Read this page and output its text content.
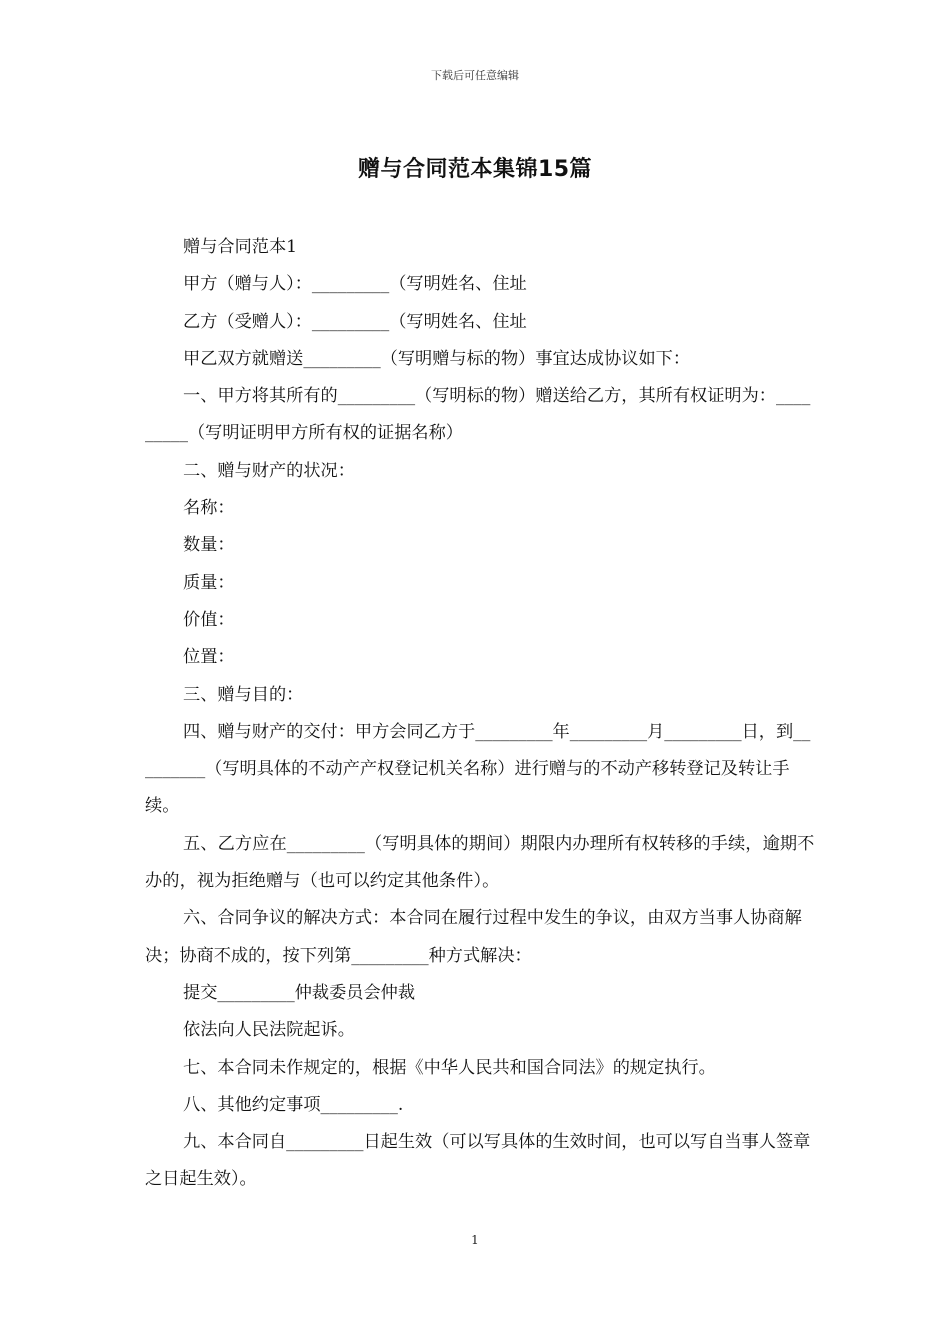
下载后可任意编辑
赠与合同范本集锦15篇

赠与合同范本1

甲方（赠与人）：_________（写明姓名、住址

乙方（受赠人）：_________（写明姓名、住址

甲乙双方就赠送_________（写明赠与标的物）事宜达成协议如下：

一、甲方将其所有的_________（写明标的物）赠送给乙方，其所有权证明为：_________（写明证明甲方所有权的证据名称）

二、赠与财产的状况：

名称：

数量：

质量：

价值：

位置：

三、赠与目的：

四、赠与财产的交付：甲方会同乙方于_________年_________月_________日，到_________（写明具体的不动产产权登记机关名称）进行赠与的不动产移转登记及转让手续。

五、乙方应在_________（写明具体的期间）期限内办理所有权转移的手续，逾期不办的，视为拒绝赠与（也可以约定其他条件）。

六、合同争议的解决方式：本合同在履行过程中发生的争议，由双方当事人协商解决；协商不成的，按下列第_________种方式解决：

提交_________仲裁委员会仲裁

依法向人民法院起诉。

七、本合同未作规定的，根据《中华人民共和国合同法》的规定执行。

八、其他约定事项_________.

九、本合同自_________日起生效（可以写具体的生效时间，也可以写自当事人签章之日起生效）。

1
